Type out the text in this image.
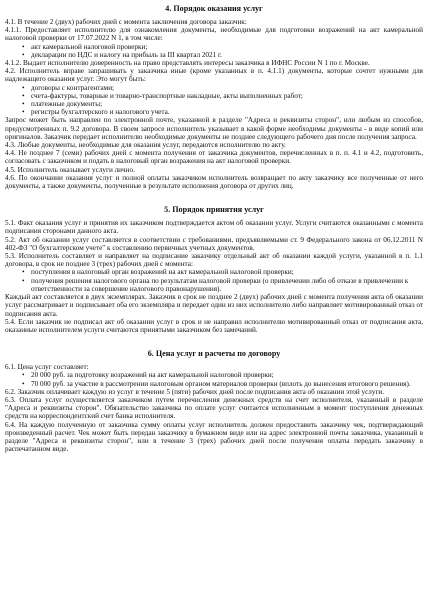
4. Порядок оказания услуг

4.1. В течение 2 (двух) рабочих дней с момента заключения договора заказчик:

4.1.1. Предоставляет исполнителю для ознакомления документы, необходимые для подготовки возражений на акт камеральной налоговой проверки от 17.07.2022 N 1, в том числе:

• акт камеральной налоговой проверки;
• декларации по НДС и налогу на прибыль за III квартал 2021 г.

4.1.2. Выдает исполнителю доверенность на право представлять интересы заказчика в ИФНС России N 1 по г. Москве.

4.2. Исполнитель вправе запрашивать у заказчика иные (кроме указанных в п. 4.1.1) документы, которые сочтет нужными для надлежащего оказания услуг. Это могут быть:

• договоры с контрагентами;
• счета-фактуры, товарные и товарно-транспортные накладные, акты выполненных работ;
• платежные документы;
• регистры бухгалтерского и налогового учета.

Запрос может быть направлен по электронной почте, указанной в разделе "Адреса и реквизиты сторон", или любым из способов, предусмотренных п. 9.2 договора. В своем запросе исполнитель указывает в какой форме необходимы документы - в виде копий или оригиналов. Заказчик передает исполнителю необходимые документы не позднее следующего рабочего дня после получения запроса.

4.3. Любые документы, необходимые для оказания услуг, передаются исполнителю по акту.

4.4. Не позднее 7 (семи) рабочих дней с момента получения от заказчика документов, перечисленных в п. п. 4.1 и 4.2, подготовить, согласовать с заказчиком и подать в налоговый орган возражения на акт налоговой проверки.

4.5. Исполнитель оказывает услуги лично.

4.6. По окончании оказания услуг и полной оплаты заказчиком исполнитель возвращает по акту заказчику все полученные от него документы, а также документы, полученные в результате исполнения договора от других лиц.

5. Порядок принятия услуг

5.1. Факт оказания услуг и принятия их заказчиком подтверждается актом об оказании услуг. Услуги считаются оказанными с момента подписания сторонами данного акта.

5.2. Акт об оказании услуг составляется в соответствии с требованиями, предъявляемыми ст. 9 Федерального закона от 06.12.2011 N 402-ФЗ "О бухгалтерском учете" к составлению первичных учетных документов.

5.3. Исполнитель составляет и направляет на подписание заказчику отдельный акт об оказании каждой услуги, указанной в п. 1.1 договора, в срок не позднее 3 (трех) рабочих дней с момента:

• поступления в налоговый орган возражений на акт камеральной налоговой проверки;
• получения решения налогового органа по результатам налоговой проверки (о привлечении либо об отказе в привлечении к ответственности за совершение налогового правонарушения).

Каждый акт составляется в двух экземплярах. Заказчик в срок не позднее 2 (двух) рабочих дней с момента получения акта об оказании услуг рассматривает и подписывает оба его экземпляра и передает один из них исполнителю либо направляет мотивированный отказ от подписания акта.

5.4. Если заказчик не подписал акт об оказании услуг в срок и не направил исполнителю мотивированный отказ от подписания акта, оказанные исполнителем услуги считаются принятыми заказчиком без замечаний.

6. Цена услуг и расчеты по договору

6.1. Цена услуг составляет:

• 20 000 руб. за подготовку возражений на акт камеральной налоговой проверки;
• 70 000 руб. за участие в рассмотрении налоговым органом материалов проверки (вплоть до вынесения итогового решения).

6.2. Заказчик оплачивает каждую из услуг в течение 5 (пяти) рабочих дней после подписания акта об оказании этой услуги.

6.3. Оплата услуг осуществляется заказчиком путем перечисления денежных средств на счет исполнителя, указанный в разделе "Адреса и реквизиты сторон". Обязательство заказчика по оплате услуг считается исполненным в момент поступления денежных средств на корреспондентский счет банка исполнителя.

6.4. На каждую полученную от заказчика сумму оплаты услуг исполнитель должен предоставить заказчику чек, подтверждающий произведенный расчет. Чек может быть передан заказчику в бумажном виде или на адрес электронной почты заказчика, указанный в разделе "Адреса и реквизиты сторон", или в течение 3 (трех) рабочих дней после получения оплаты передать заказчику в распечатанном виде.
